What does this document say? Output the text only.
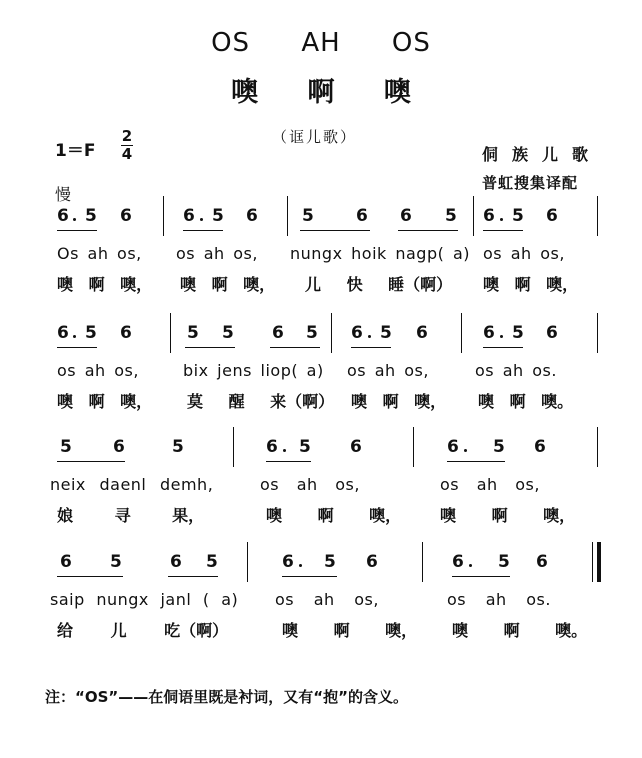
OS AH OS
噢 啊 噢
（诓儿歌）
1＝F
2
4	侗族儿歌
普虹搜集译配
慢
6 5 6	6 5 6	5 6 6 5 6 5 6
Os ah os, os ah os, nungx hoik nagp( a) os ah os,
噢 啊 噢， 噢 啊 噢， 儿 快 睡（啊） 噢 啊 噢，
6 5 6	5 5 6 5 6 5 6	6 5 6
os ah os,	bix jens liop( a) os ah os,	os ah os.
噢 啊 噢， 莫 醒 来（啊） 噢 啊 噢， 噢 啊 噢。
5 6	5	6 5 6	6 5 6
neix daenl demh,	os ah os,	os ah os,
娘 寻 果，	噢 啊 噢， 噢 啊 噢，
6 5	6 5	6 5 6	6 5 6
saip nungx janl ( a) os ah os,	os ah os.
给 儿 吃（啊）	噢 啊 噢， 噢 啊 噢。
注：“OS”——在侗语里既是衬词，又有“抱”的含义。
